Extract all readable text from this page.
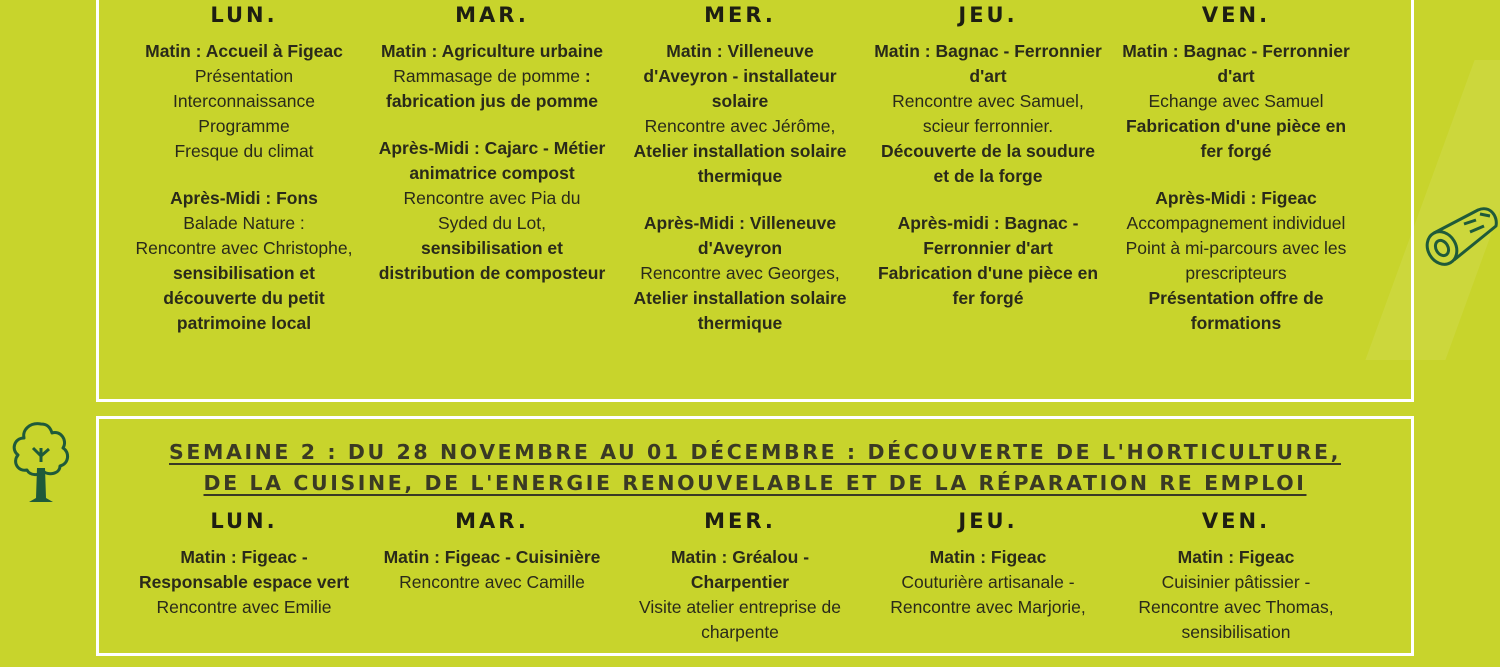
LUN.
Matin : Accueil à Figeac
Présentation
Interconnaissance
Programme
Fresque du climat
Après-Midi : Fons
Balade Nature :
Rencontre avec Christophe,
sensibilisation et découverte du petit patrimoine local
MAR.
Matin : Agriculture urbaine Rammasage de pomme : fabrication jus de pomme
Après-Midi : Cajarc - Métier animatrice compost
Rencontre avec Pia du Syded du Lot,
sensibilisation et distribution de composteur
MER.
Matin : Villeneuve d'Aveyron - installateur solaire
Rencontre avec Jérôme,
Atelier installation solaire thermique
Après-Midi : Villeneuve d'Aveyron
Rencontre avec Georges,
Atelier installation solaire thermique
JEU.
Matin : Bagnac - Ferronnier d'art
Rencontre avec Samuel, scieur ferronnier. Découverte de la soudure et de la forge
Après-midi : Bagnac - Ferronnier d'art
Fabrication d'une pièce en fer forgé
VEN.
Matin : Bagnac - Ferronnier d'art
Echange avec Samuel
Fabrication d'une pièce en fer forgé
Après-Midi : Figeac
Accompagnement individuel
Point à mi-parcours avec les prescripteurs
Présentation offre de formations
SEMAINE 2 : DU 28 NOVEMBRE AU 01 DÉCEMBRE : DÉCOUVERTE DE L'HORTICULTURE,
DE LA CUISINE, DE L'ENERGIE RENOUVELABLE ET DE LA RÉPARATION RE EMPLOI
LUN.
Matin : Figeac - Responsable espace vert
Rencontre avec Emilie
MAR.
Matin : Figeac - Cuisinière
Rencontre avec Camille
MER.
Matin : Gréalou - Charpentier
Visite atelier entreprise de charpente
JEU.
Matin : Figeac
Couturière artisanale - Rencontre avec Marjorie,
VEN.
Matin : Figeac
Cuisinier pâtissier - Rencontre avec Thomas, sensibilisation
